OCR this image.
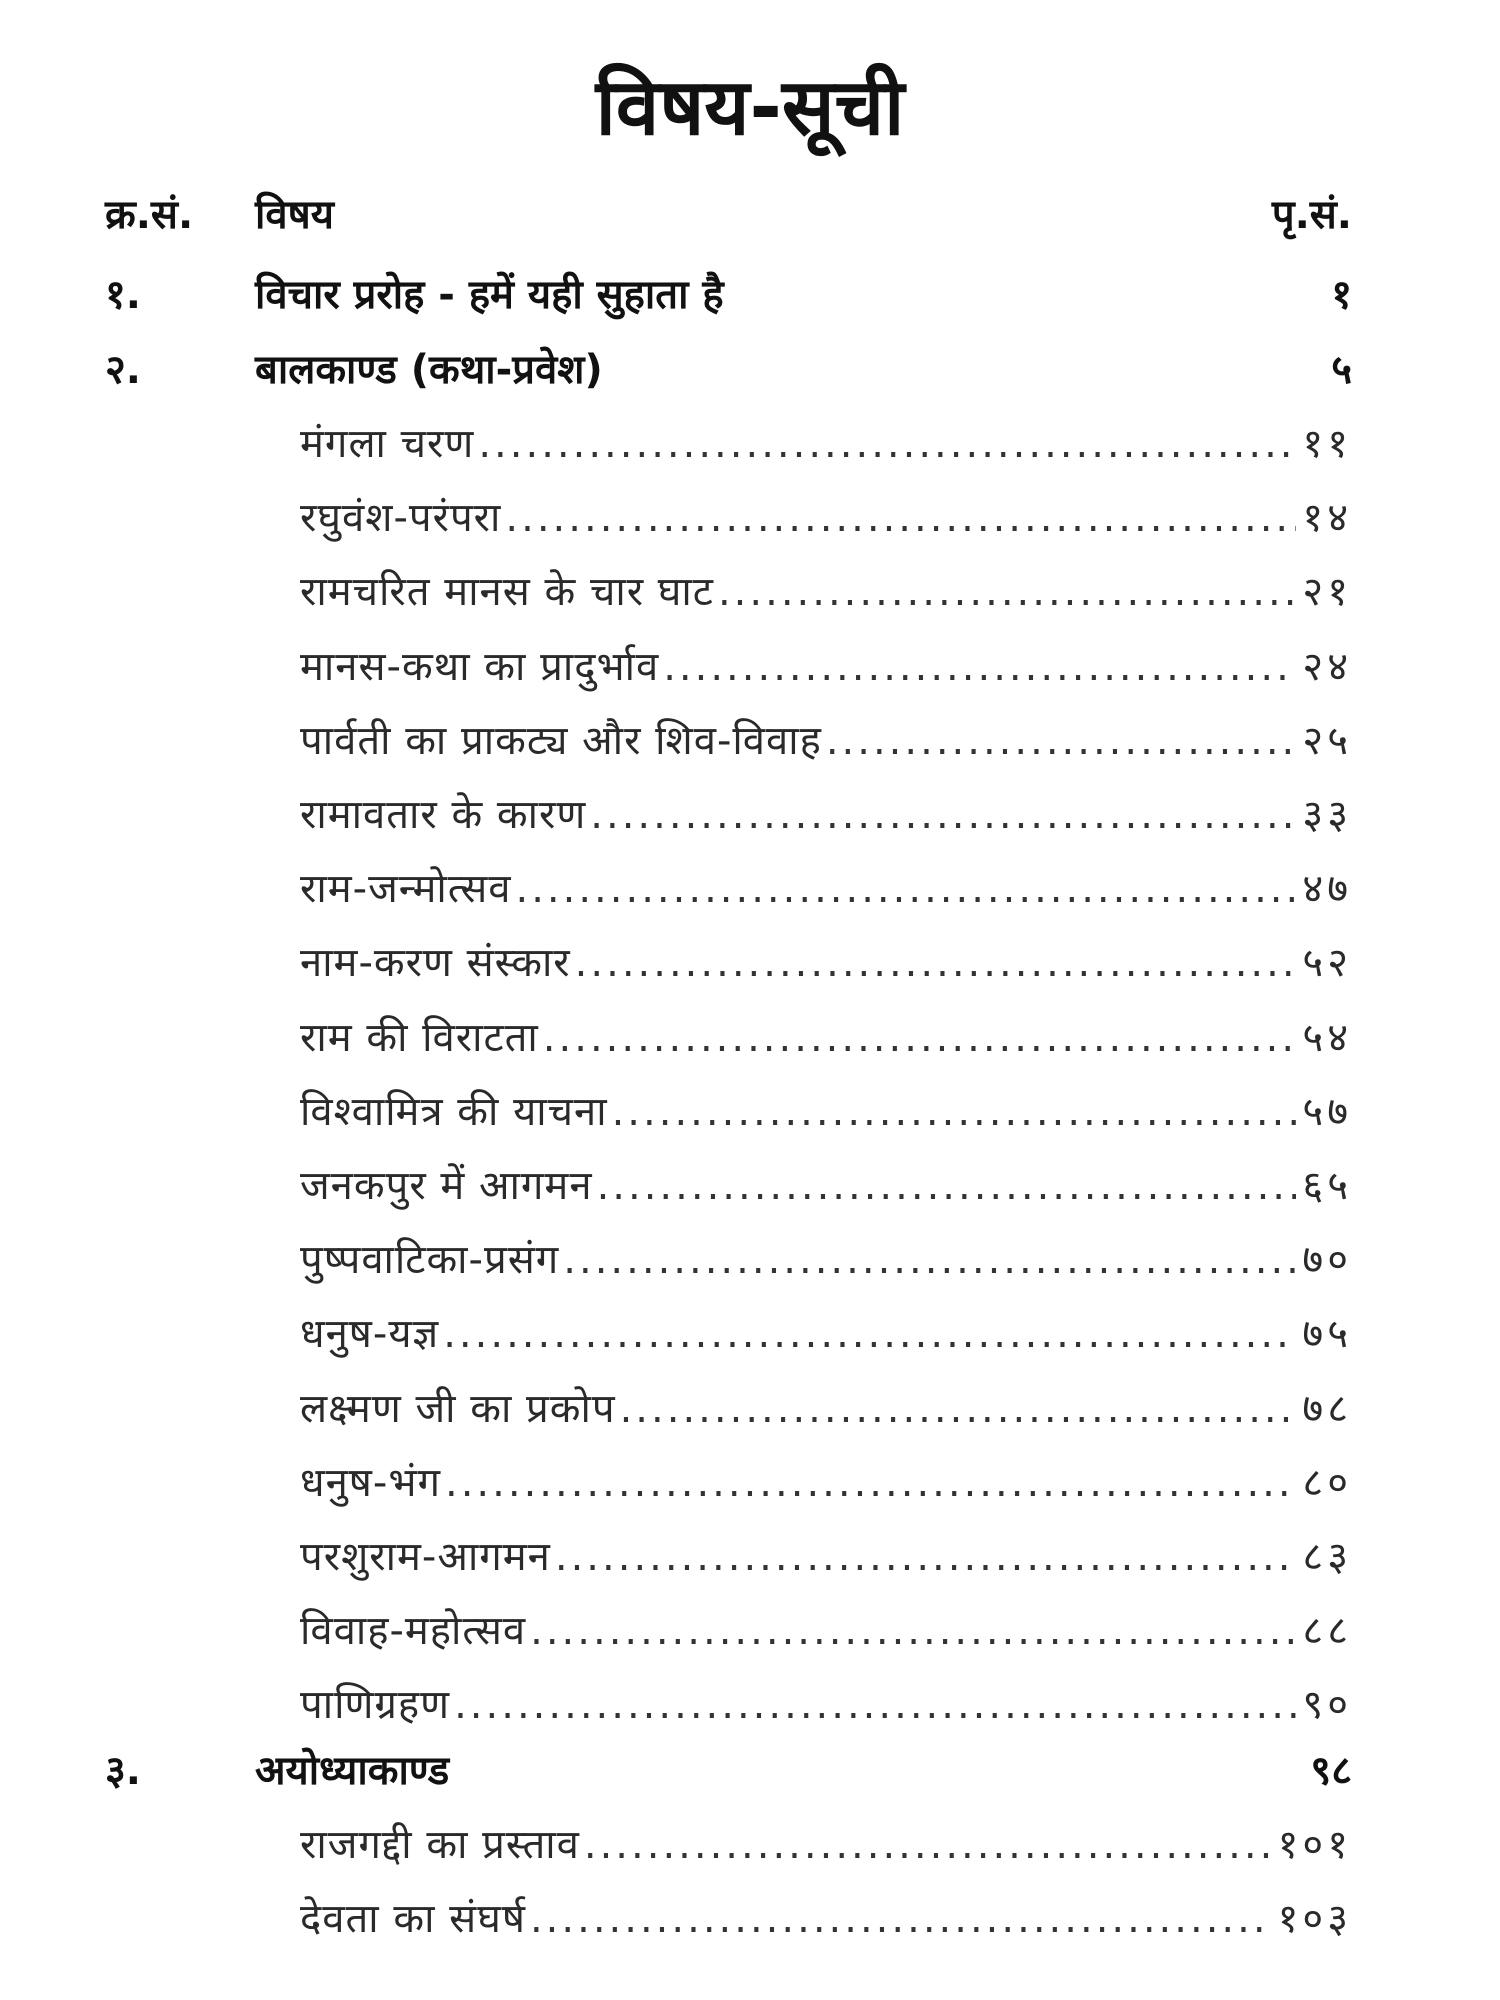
विषय-सूची
क्र.सं. विषय	पृ.सं.
१.	विचार प्ररोह - हमें यही सुहाता है	१
२.	बालकाण्ड (कथा-प्रवेश)	५
मंगला चरण .....	११
रघुवंश-परंपरा .....	१४
रामचरित मानस के चार घाट .....	२१
मानस-कथा का प्रादुर्भाव .....	२४
पार्वती का प्राकट्य और शिव-विवाह .....	२५
रामावतार के कारण .....	३३
राम-जन्मोत्सव .....	४७
नाम-करण संस्कार .....	५२
राम की विराटता .....	५४
विश्वामित्र की याचना .....	५७
जनकपुर में आगमन .....	६५
पुष्पवाटिका-प्रसंग .....	७०
धनुष-यज्ञ .....	७५
लक्ष्मण जी का प्रकोप .....	७८
धनुष-भंग .....	८०
परशुराम-आगमन .....	८३
विवाह-महोत्सव .....	८८
पाणिग्रहण .....	९०
३.	अयोध्याकाण्ड	९८
राजगद्दी का प्रस्ताव .....	१०१
देवता का संघर्ष .....	१०३
